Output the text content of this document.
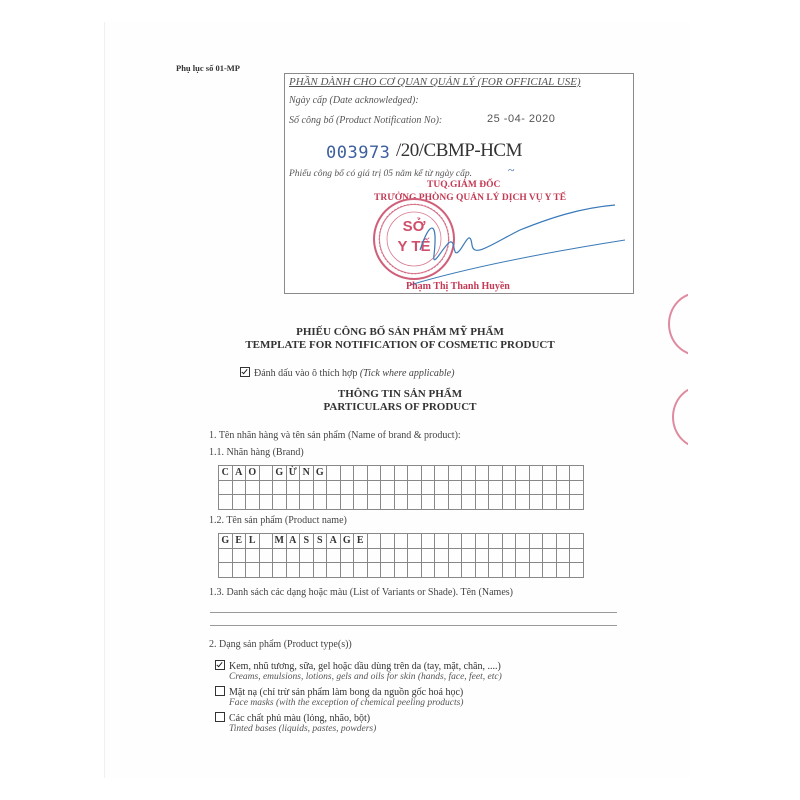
Phụ lục số 01-MP
PHẦN DÀNH CHO CƠ QUAN QUẢN LÝ (FOR OFFICIAL USE)
Ngày cấp (Date acknowledged):
Số công bố (Product Notification No):	25 -04- 2020
003973 /20/CBMP-HCM
Phiếu công bố có giá trị 05 năm kể từ ngày cấp.	~
TUQ.GIÁM ĐỐC
TRƯỞNG PHÒNG QUẢN LÝ DỊCH VỤ Y TẾ
SỞ
Y TẾ
Phạm Thị Thanh Huyền
PHIẾU CÔNG BỐ SẢN PHẨM MỸ PHẨM
TEMPLATE FOR NOTIFICATION OF COSMETIC PRODUCT
Đánh dấu vào ô thích hợp (Tick where applicable)
THÔNG TIN SẢN PHẨM
PARTICULARS OF PRODUCT
1. Tên nhãn hàng và tên sản phẩm (Name of brand & product):
1.1. Nhãn hàng (Brand)
C	A	O		G	Ừ	N	G																			

1.2. Tên sản phẩm (Product name)
G	E	L		M	A	S	S	A	G	E																

1.3. Danh sách các dạng hoặc màu (List of Variants or Shade). Tên (Names)
2. Dạng sản phẩm (Product type(s))
Kem, nhũ tương, sữa, gel hoặc dầu dùng trên da (tay, mặt, chân, ....)
Creams, emulsions, lotions, gels and oils for skin (hands, face, feet, etc)
Mặt nạ (chỉ trừ sản phẩm làm bong da nguồn gốc hoá học)
Face masks (with the exception of chemical peeling products)
Các chất phủ màu (lỏng, nhão, bột)
Tinted bases (liquids, pastes, powders)
